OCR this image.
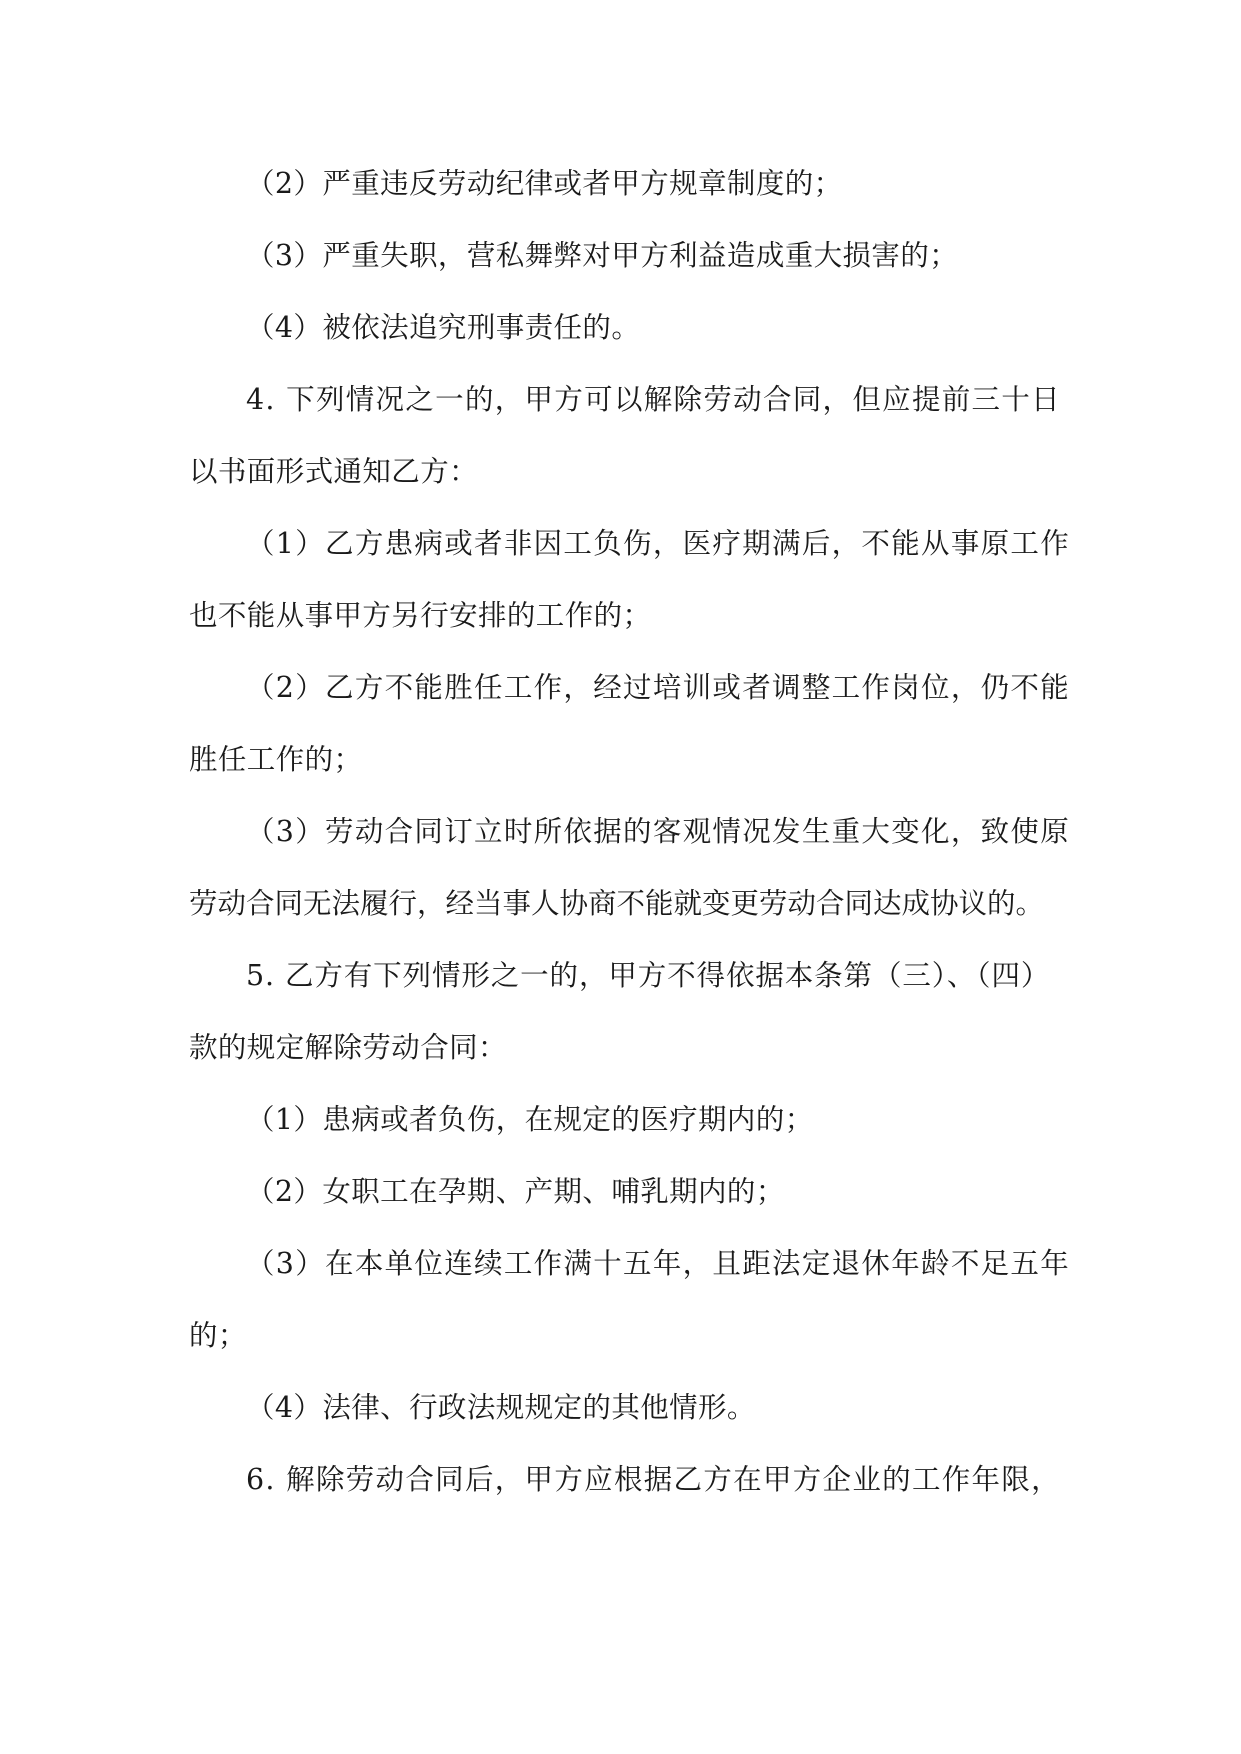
（2）严重违反劳动纪律或者甲方规章制度的；

（3）严重失职，营私舞弊对甲方利益造成重大损害的；

（4）被依法追究刑事责任的。

4. 下列情况之一的，甲方可以解除劳动合同，但应提前三十日
以书面形式通知乙方：

（1）乙方患病或者非因工负伤，医疗期满后，不能从事原工作
也不能从事甲方另行安排的工作的；

（2）乙方不能胜任工作，经过培训或者调整工作岗位，仍不能
胜任工作的；

（3）劳动合同订立时所依据的客观情况发生重大变化，致使原
劳动合同无法履行，经当事人协商不能就变更劳动合同达成协议的。

5. 乙方有下列情形之一的，甲方不得依据本条第（三）、（四）
款的规定解除劳动合同：

（1）患病或者负伤，在规定的医疗期内的；

（2）女职工在孕期、产期、哺乳期内的；

（3）在本单位连续工作满十五年，且距法定退休年龄不足五年
的；

（4）法律、行政法规规定的其他情形。

6. 解除劳动合同后，甲方应根据乙方在甲方企业的工作年限，
